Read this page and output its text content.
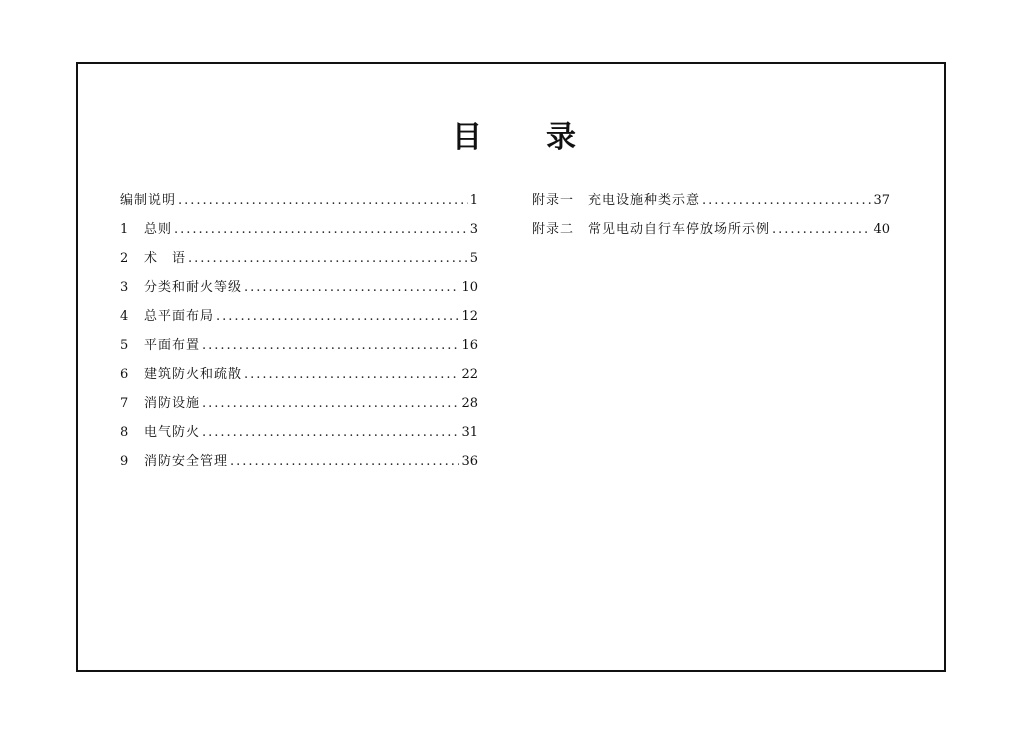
目 录
编制说明 .....	1
1	总则 .....	3
2	术　语 .....	5
3	分类和耐火等级 .....	10
4	总平面布局 .....	12
5	平面布置 .....	16
6	建筑防火和疏散 .....	22
7	消防设施 .....	28
8	电气防火 .....	31
9	消防安全管理 .....	36
附录一　充电设施种类示意 .....	37
附录二　常见电动自行车停放场所示例 .....	40
